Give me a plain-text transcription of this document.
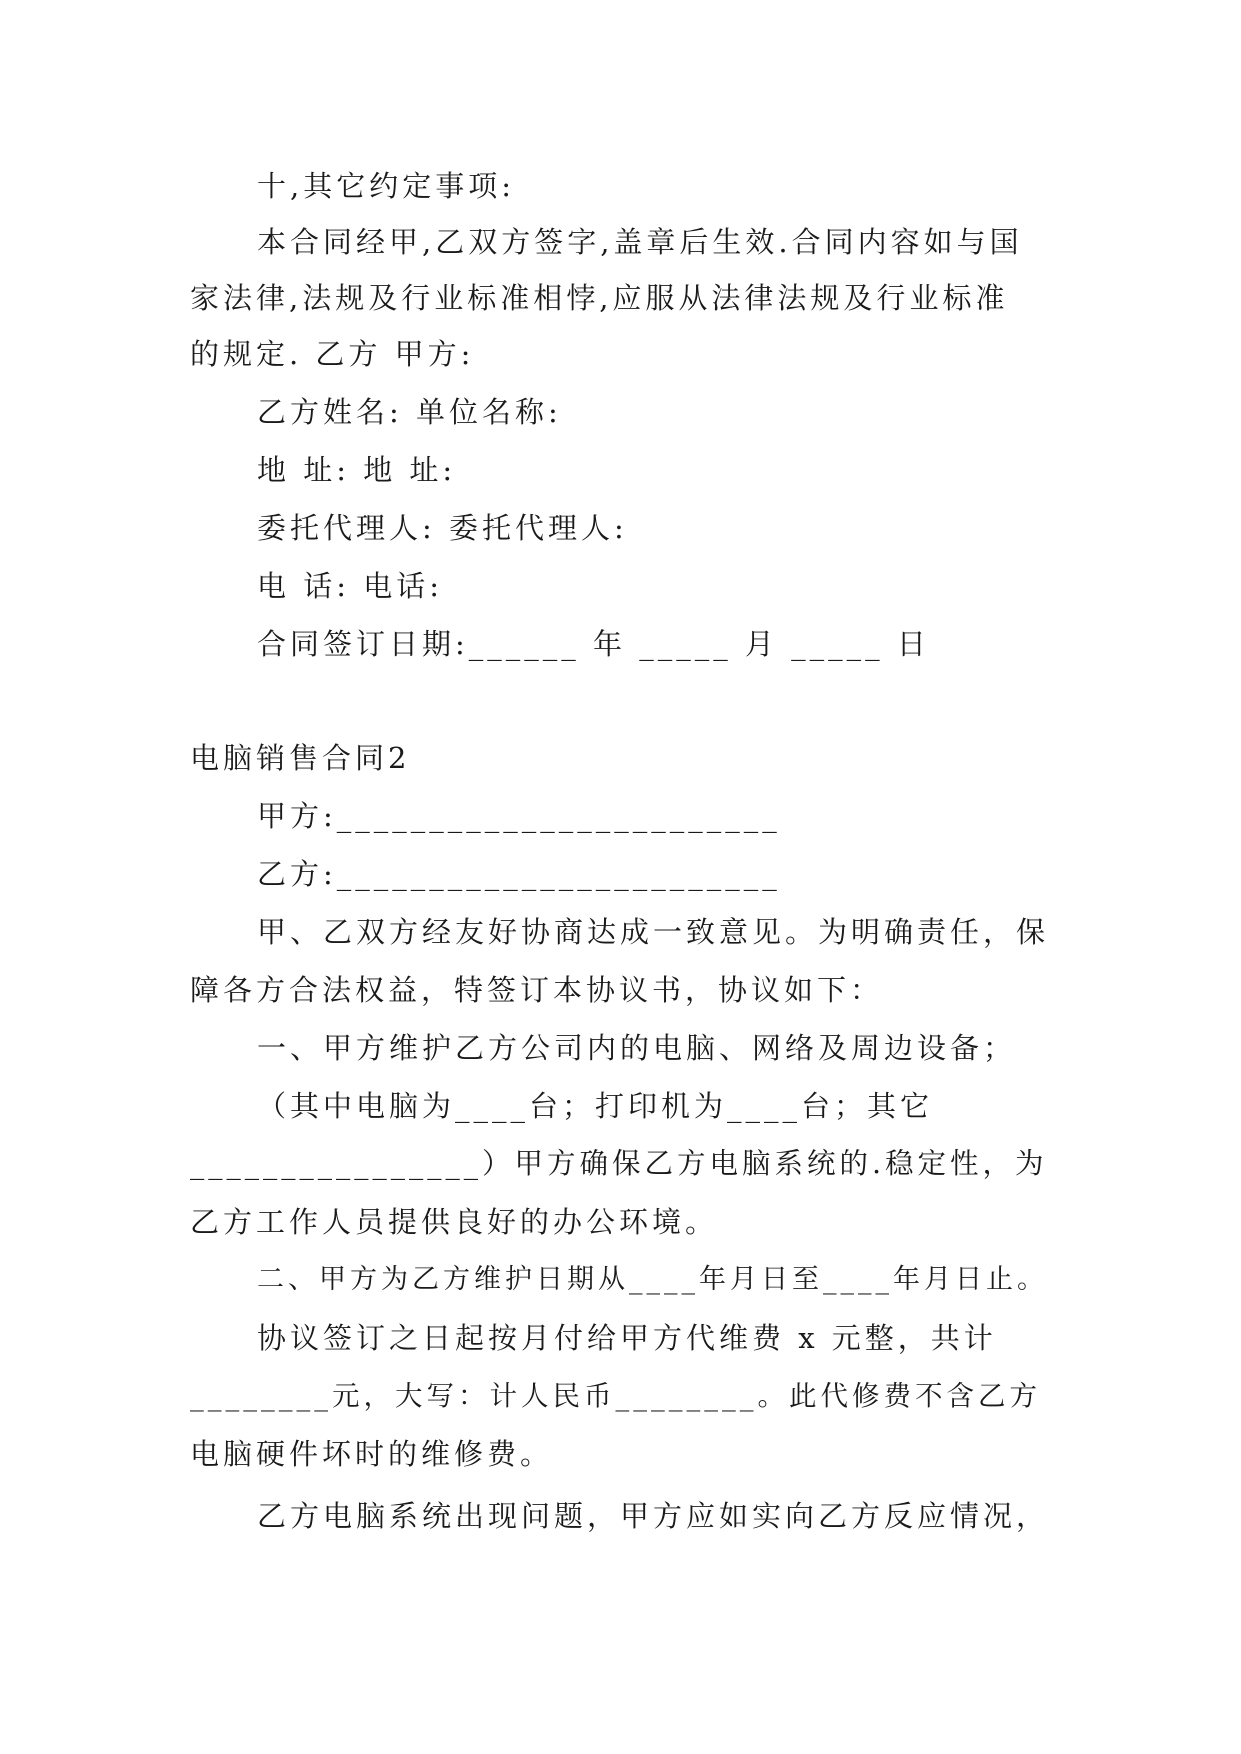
十,其它约定事项:
本合同经甲,乙双方签字,盖章后生效.合同内容如与国
家法律,法规及行业标准相悖,应服从法律法规及行业标准
的规定. 乙方 甲方:
乙方姓名: 单位名称:
地 址: 地 址:
委托代理人: 委托代理人:
电 话: 电话:
合同签订日期:______ 年 _____ 月 _____ 日
电脑销售合同2
甲方:________________________
乙方:________________________
甲、乙双方经友好协商达成一致意见。为明确责任，保
障各方合法权益，特签订本协议书，协议如下：
一、甲方维护乙方公司内的电脑、网络及周边设备；
（其中电脑为____台；打印机为____台；其它
________________）甲方确保乙方电脑系统的.稳定性，为
乙方工作人员提供良好的办公环境。
二、甲方为乙方维护日期从____年月日至____年月日止。
协议签订之日起按月付给甲方代维费 x 元整，共计
________元，大写：计人民币________。此代修费不含乙方
电脑硬件坏时的维修费。
乙方电脑系统出现问题，甲方应如实向乙方反应情况，
